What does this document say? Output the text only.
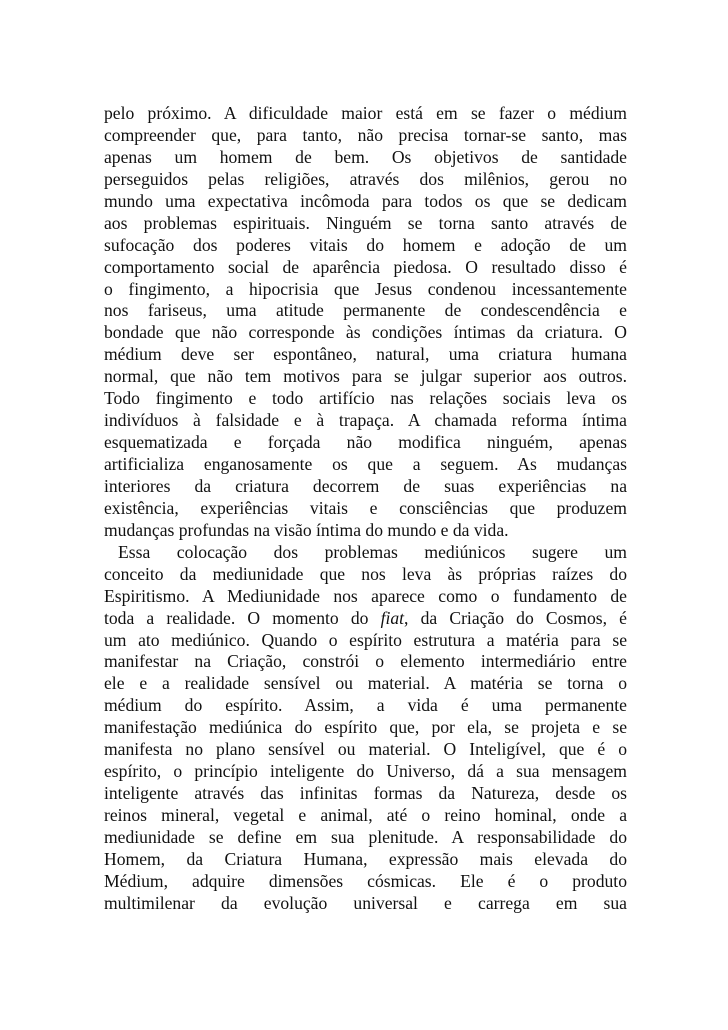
pelo próximo. A dificuldade maior está em se fazer o médium
compreender que, para tanto, não precisa tornar-se santo, mas
apenas um homem de bem. Os objetivos de santidade
perseguidos pelas religiões, através dos milênios, gerou no
mundo uma expectativa incômoda para todos os que se dedicam
aos problemas espirituais. Ninguém se torna santo através de
sufocação dos poderes vitais do homem e adoção de um
comportamento social de aparência piedosa. O resultado disso é
o fingimento, a hipocrisia que Jesus condenou incessantemente
nos fariseus, uma atitude permanente de condescendência e
bondade que não corresponde às condições íntimas da criatura. O
médium deve ser espontâneo, natural, uma criatura humana
normal, que não tem motivos para se julgar superior aos outros.
Todo fingimento e todo artifício nas relações sociais leva os
indivíduos à falsidade e à trapaça. A chamada reforma íntima
esquematizada e forçada não modifica ninguém, apenas
artificializa enganosamente os que a seguem. As mudanças
interiores da criatura decorrem de suas experiências na
existência, experiências vitais e consciências que produzem
mudanças profundas na visão íntima do mundo e da vida.
Essa colocação dos problemas mediúnicos sugere um
conceito da mediunidade que nos leva às próprias raízes do
Espiritismo. A Mediunidade nos aparece como o fundamento de
toda a realidade. O momento do fiat, da Criação do Cosmos, é
um ato mediúnico. Quando o espírito estrutura a matéria para se
manifestar na Criação, constrói o elemento intermediário entre
ele e a realidade sensível ou material. A matéria se torna o
médium do espírito. Assim, a vida é uma permanente
manifestação mediúnica do espírito que, por ela, se projeta e se
manifesta no plano sensível ou material. O Inteligível, que é o
espírito, o princípio inteligente do Universo, dá a sua mensagem
inteligente através das infinitas formas da Natureza, desde os
reinos mineral, vegetal e animal, até o reino hominal, onde a
mediunidade se define em sua plenitude. A responsabilidade do
Homem, da Criatura Humana, expressão mais elevada do
Médium, adquire dimensões cósmicas. Ele é o produto
multimilenar da evolução universal e carrega em sua
